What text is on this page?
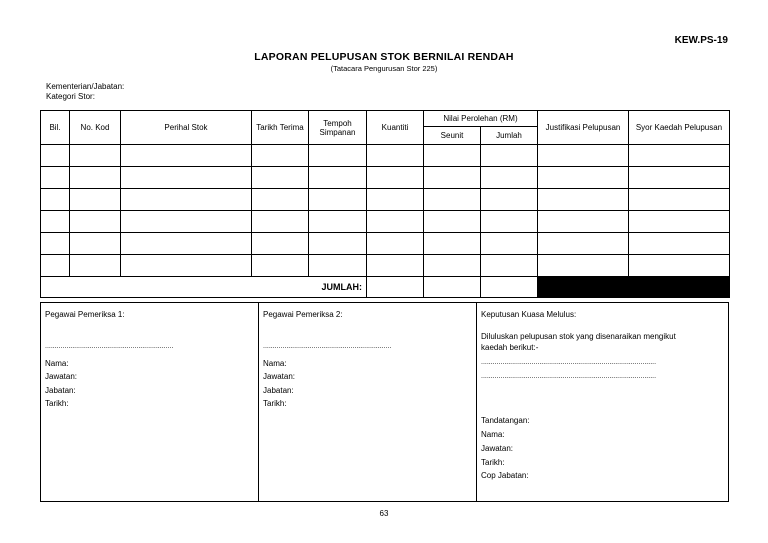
KEW.PS-19
LAPORAN PELUPUSAN STOK BERNILAI RENDAH
(Tatacara Pengurusan Stor 225)
Kementerian/Jabatan:
Kategori Stor:
Bil.	No. Kod	Perihal Stok	Tarikh Terima	Tempoh Simpanan	Kuantiti	Nilai Perolehan (RM)		Justifikasi Pelupusan	Syor Kaedah Pelupusan
						Seunit	Jumlah		

JUMLAH:									
Pegawai Pemeriksa 1:
..................................................................
Nama:
Jawatan:
Jabatan:
Tarikh:
Pegawai Pemeriksa 2:
..................................................................
Nama:
Jawatan:
Jabatan:
Tarikh:
Keputusan Kuasa Melulus:
Diluluskan pelupusan stok yang disenaraikan mengikut
kaedah berikut:-
..........................................................................................
..........................................................................................
Tandatangan:
Nama:
Jawatan:
Tarikh:
Cop Jabatan:
63
